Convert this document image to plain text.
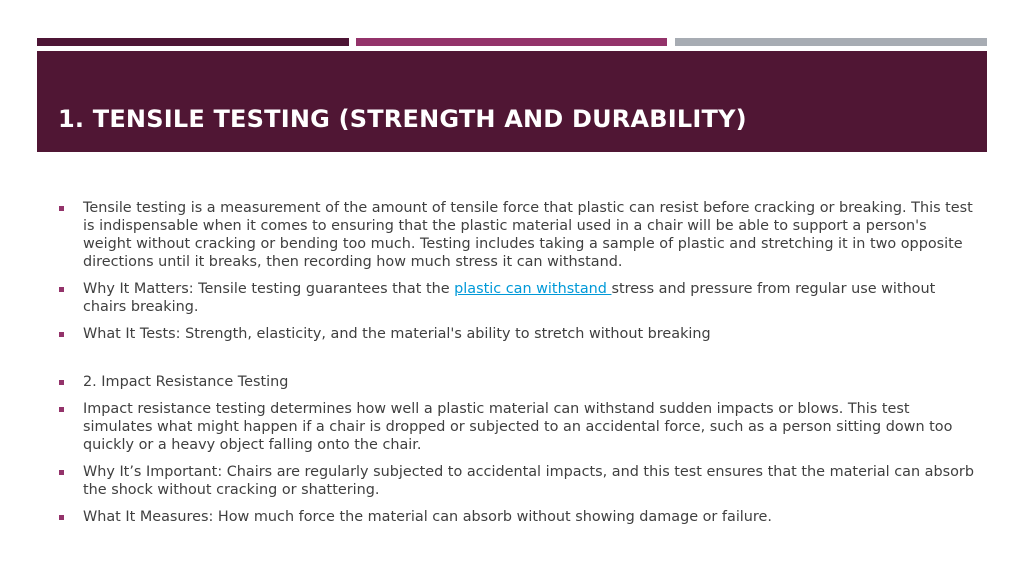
1. TENSILE TESTING (STRENGTH AND DURABILITY)
Tensile testing is a measurement of the amount of tensile force that plastic can resist before cracking or breaking. This test is indispensable when it comes to ensuring that the plastic material used in a chair will be able to support a person's weight without cracking or bending too much. Testing includes taking a sample of plastic and stretching it in two opposite directions until it breaks, then recording how much stress it can withstand.
Why It Matters: Tensile testing guarantees that the plastic can withstand stress and pressure from regular use without chairs breaking.
What It Tests: Strength, elasticity, and the material's ability to stretch without breaking
2. Impact Resistance Testing
Impact resistance testing determines how well a plastic material can withstand sudden impacts or blows. This test simulates what might happen if a chair is dropped or subjected to an accidental force, such as a person sitting down too quickly or a heavy object falling onto the chair.
Why It’s Important: Chairs are regularly subjected to accidental impacts, and this test ensures that the material can absorb the shock without cracking or shattering.
What It Measures: How much force the material can absorb without showing damage or failure.
